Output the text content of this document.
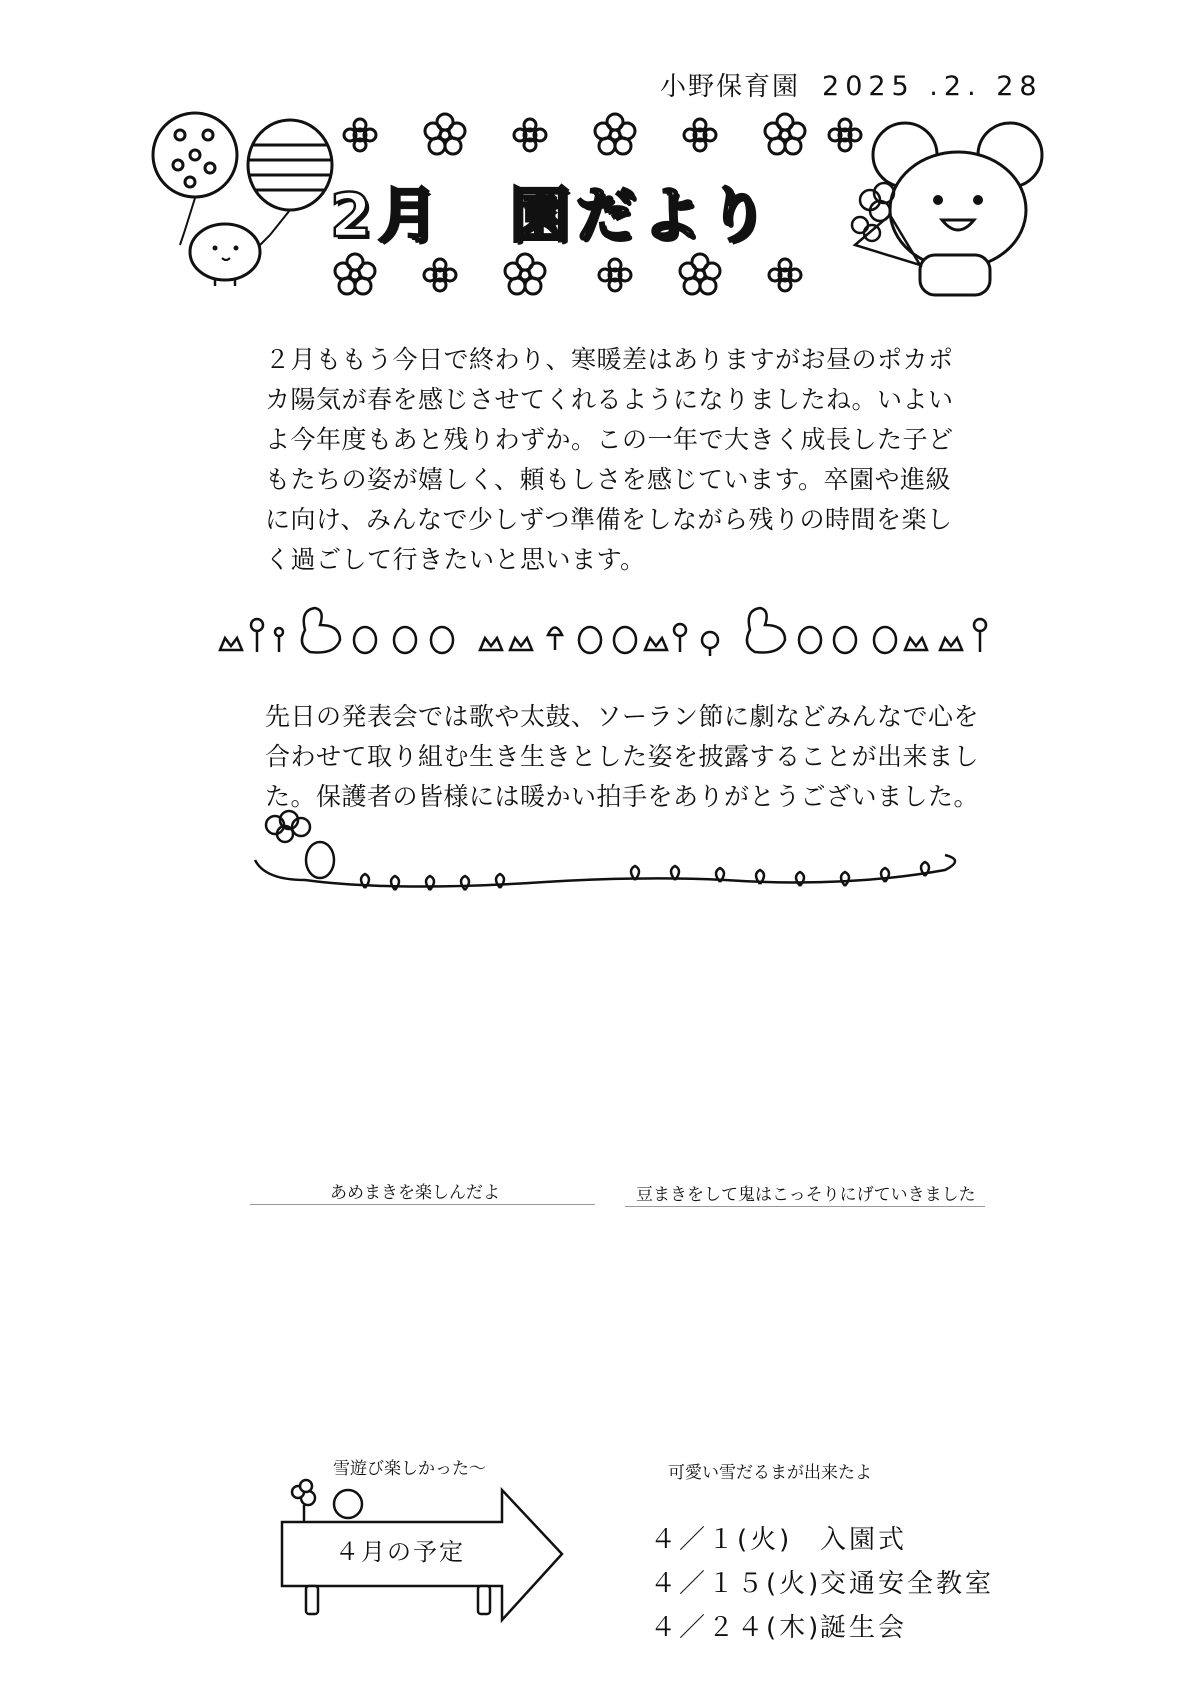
小野保育園 2025 .2. 28
2月　園だより

２月ももう今日で終わり、寒暖差はありますがお昼のポカポカ陽気が春を感じさせてくれるようになりましたね。いよいよ今年度もあと残りわずか。この一年で大きく成長した子どもたちの姿が嬉しく、頼もしさを感じています。卒園や進級に向け、みんなで少しずつ準備をしながら残りの時間を楽しく過ごして行きたいと思います。

先日の発表会では歌や太鼓、ソーラン節に劇などみんなで心を合わせて取り組む生き生きとした姿を披露することが出来ました。保護者の皆様には暖かい拍手をありがとうございました。

あめまきを楽しんだよ	豆まきをして鬼はこっそりにげていきました
雪遊び楽しかった～	可愛い雪だるまが出来たよ
４月の予定	４／１(火) 入園式
４／１５(火)交通安全教室
４／２４(木)誕生会
